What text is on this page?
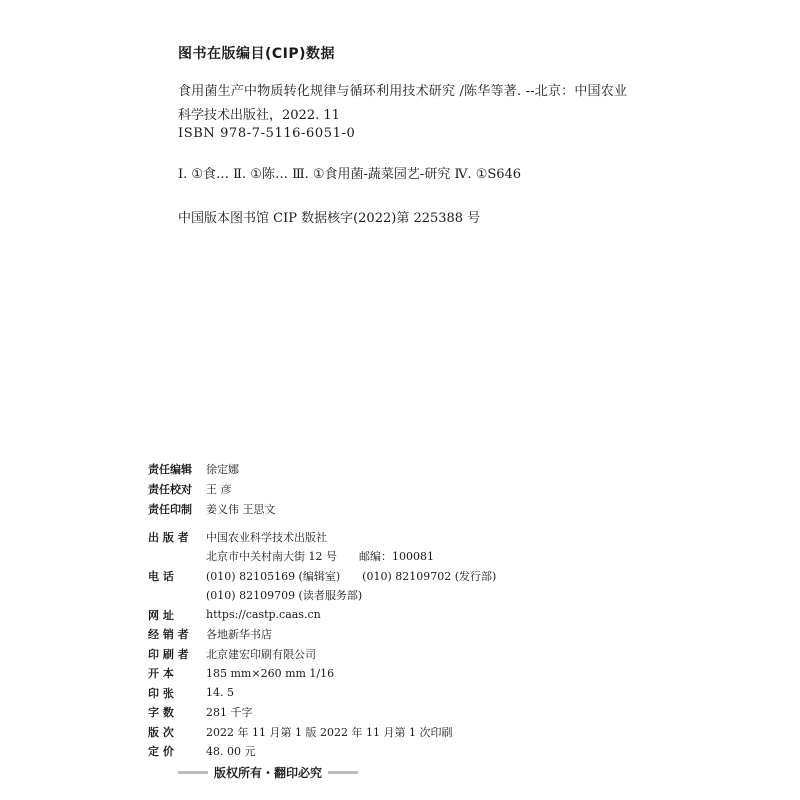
图书在版编目(CIP)数据
食用菌生产中物质转化规律与循环利用技术研究 /陈华等著. --北京：中国农业
科学技术出版社，2022. 11
ISBN 978-7-5116-6051-0
Ⅰ. ①食… Ⅱ. ①陈… Ⅲ. ①食用菌-蔬菜园艺-研究 Ⅳ. ①S646
中国版本图书馆 CIP 数据核字(2022)第 225388 号
责任编辑	徐定娜
责任校对	王 彦
责任印制	姜义伟 王思文
出 版 者	中国农业科学技术出版社
北京市中关村南大街 12 号 邮编：100081
电 话	(010) 82105169 (编辑室) (010) 82109702 (发行部)
(010) 82109709 (读者服务部)
网 址	https://castp.caas.cn
经 销 者	各地新华书店
印 刷 者	北京建宏印刷有限公司
开 本	185 mm×260 mm 1/16
印 张	14. 5
字 数	281 千字
版 次	2022 年 11 月第 1 版 2022 年 11 月第 1 次印刷
定 价	48. 00 元
版权所有・翻印必究
